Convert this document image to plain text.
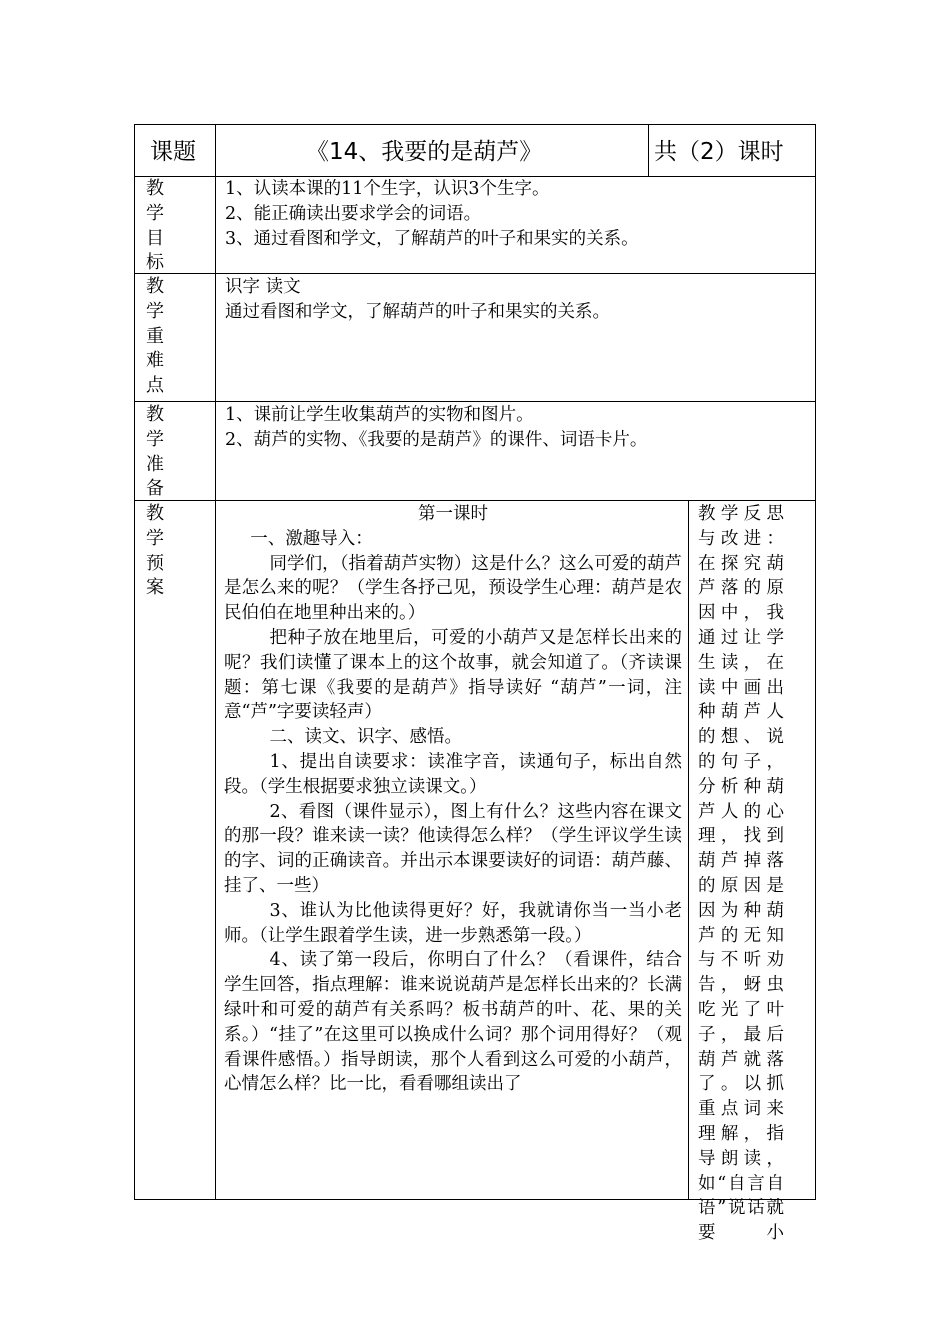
课题	《14、我要的是葫芦》	共（2）课时
教学目标

1、认读本课的11个生字，认识3个生字。

2、能正确读出要求学会的词语。

3、通过看图和学文，了解葫芦的叶子和果实的关系。

教学重难点

识字 读文

通过看图和学文，了解葫芦的叶子和果实的关系。

教学准备

1、课前让学生收集葫芦的实物和图片。

2、葫芦的实物、《我要的是葫芦》的课件、词语卡片。

教学预案
第一课时
一、激趣导入：

同学们，（指着葫芦实物）这是什么？这么可爱的葫芦是怎么来的呢？（学生各抒己见，预设学生心理：葫芦是农民伯伯在地里种出来的。）

把种子放在地里后，可爱的小葫芦又是怎样长出来的呢？我们读懂了课本上的这个故事，就会知道了。（齐读课题：第七课《我要的是葫芦》指导读好 “葫芦”一词，注意“芦”字要读轻声）

二、读文、识字、感悟。

1、提出自读要求：读准字音，读通句子，标出自然段。（学生根据要求独立读课文。）

2、看图（课件显示），图上有什么？这些内容在课文的那一段？谁来读一读？他读得怎么样？（学生评议学生读的字、词的正确读音。并出示本课要读好的词语：葫芦藤、挂了、一些）

3、谁认为比他读得更好？好，我就请你当一当小老师。（让学生跟着学生读，进一步熟悉第一段。）

4、读了第一段后，你明白了什么？（看课件，结合学生回答，指点理解：谁来说说葫芦是怎样长出来的？长满绿叶和可爱的葫芦有关系吗？板书葫芦的叶、花、果的关系。）“挂了”在这里可以换成什么词？那个词用得好？（观看课件感悟。）指导朗读，那个人看到这么可爱的小葫芦，心情怎么样？比一比，看看哪组读出了

教学反思与改进：在探究葫芦落的原因中，我通过让学生读，在读中画出种葫芦人的想、说的句子，分析种葫芦人的心理，找到葫芦掉落的原因是因为种葫芦的无知与不听劝告，蚜虫吃光了叶子，最后葫芦就落了。以抓重点词来理解，指导朗读，如“自言自语”说话就要小
